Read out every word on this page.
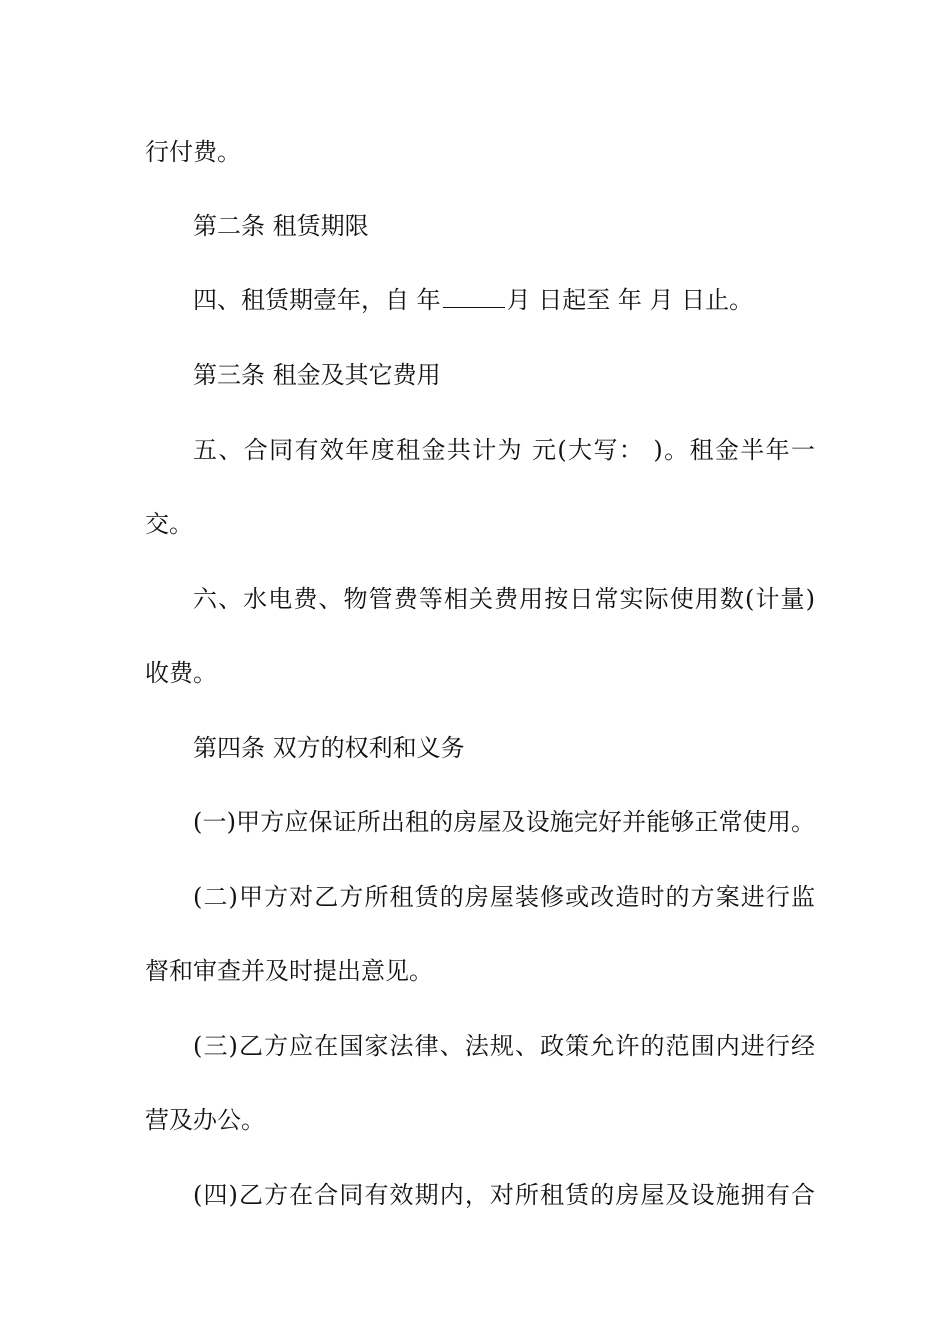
行付费。
第二条 租赁期限
四、租赁期壹年，自 年	月 日起至 年 月 日止。
第三条 租金及其它费用
五、合同有效年度租金共计为 元(大写： )。租金半年一
交。
六、水电费、物管费等相关费用按日常实际使用数(计量)
收费。
第四条 双方的权利和义务
(一)甲方应保证所出租的房屋及设施完好并能够正常使用。
(二)甲方对乙方所租赁的房屋装修或改造时的方案进行监
督和审查并及时提出意见。
(三)乙方应在国家法律、法规、政策允许的范围内进行经
营及办公。
(四)乙方在合同有效期内，对所租赁的房屋及设施拥有合
